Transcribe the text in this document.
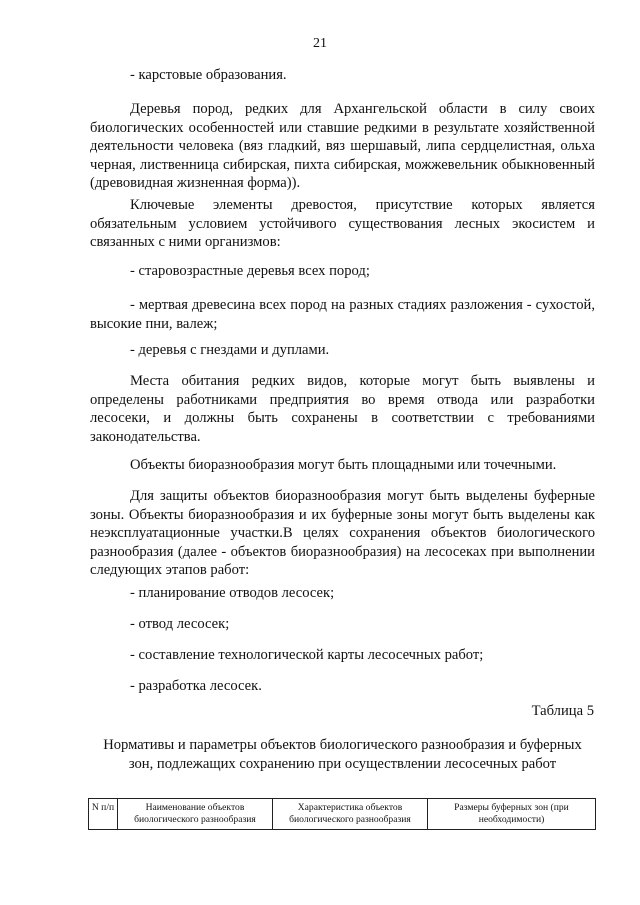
21

- карстовые образования.

Деревья пород, редких для Архангельской области в силу своих биологических особенностей или ставшие редкими в результате хозяйственной деятельности человека (вяз гладкий, вяз шершавый, липа сердцелистная, ольха черная, лиственница сибирская, пихта сибирская, можжевельник обыкновенный (древовидная жизненная форма)).

Ключевые элементы древостоя, присутствие которых является обязательным условием устойчивого существования лесных экосистем и связанных с ними организмов:

- старовозрастные деревья всех пород;

- мертвая древесина всех пород на разных стадиях разложения - сухостой, высокие пни, валеж;

- деревья с гнездами и дуплами.

Места обитания редких видов, которые могут быть выявлены и определены работниками предприятия во время отвода или разработки лесосеки, и должны быть сохранены в соответствии с требованиями законодательства.

Объекты биоразнообразия могут быть площадными или точечными.

Для защиты объектов биоразнообразия могут быть выделены буферные зоны. Объекты биоразнообразия и их буферные зоны могут быть выделены как неэксплуатационные участки.В целях сохранения объектов биологического разнообразия (далее - объектов биоразнообразия) на лесосеках при выполнении следующих этапов работ:

- планирование отводов лесосек;

- отвод лесосек;

- составление технологической карты лесосечных работ;

- разработка лесосек.

Таблица 5
Нормативы и параметры объектов биологического разнообразия и буферных зон, подлежащих сохранению при осуществлении лесосечных работ
N п/п	Наименование объектов биологического разнообразия	Характеристика объектов биологического разнообразия	Размеры буферных зон (при необходимости)
